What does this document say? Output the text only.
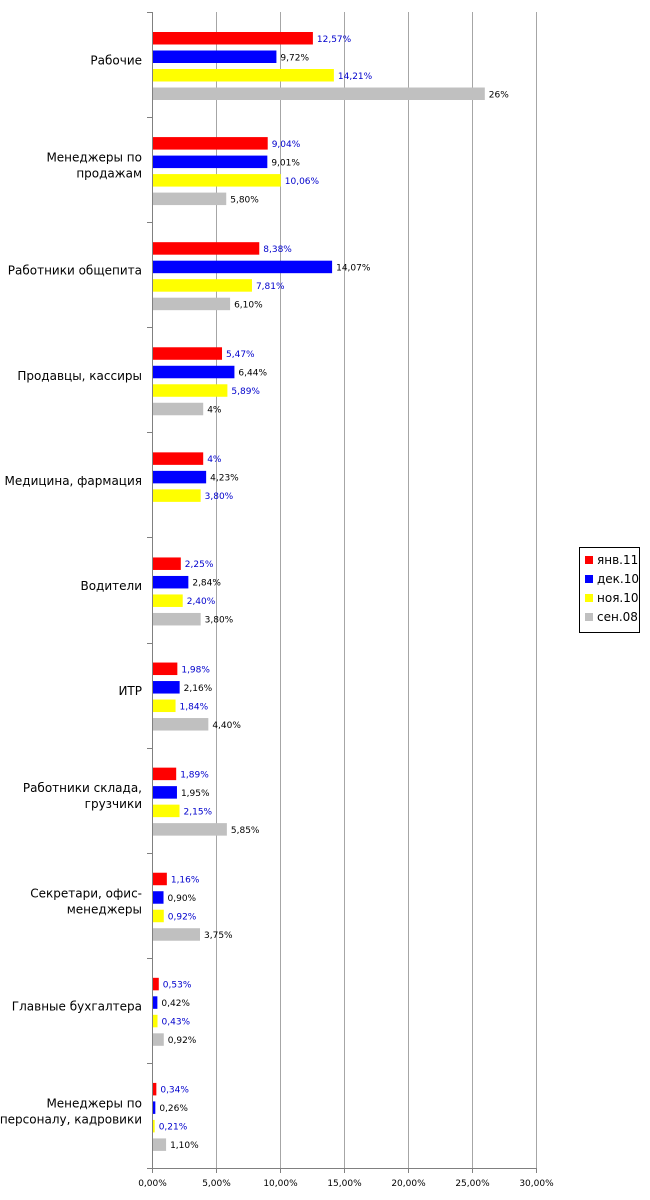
12,57%
9,72%
14,21%
26%
9,04%
9,01%
10,06%
5,80%
8,38%
14,07%
7,81%
6,10%
5,47%
6,44%
5,89%
4%
4%
4,23%
3,80%
2,25%
2,84%
2,40%
3,80%
1,98%
2,16%
1,84%
4,40%
1,89%
1,95%
2,15%
5,85%
1,16%
0,90%
0,92%
3,75%
0,53%
0,42%
0,43%
0,92%
0,34%
0,26%
0,21%
1,10%
Рабочие
Менеджеры по продажам
Работники общепита
Продавцы, кассиры
Медицина, фармация
Водители
ИТР
Работники склада, грузчики
Секретари, офис-менеджеры
Главные бухгалтера
Менеджеры по персоналу, кадровики
0,00%	5,00%	10,00%	15,00%	20,00%	25,00%	30,00%
янв.11
дек.10
ноя.10
сен.08
